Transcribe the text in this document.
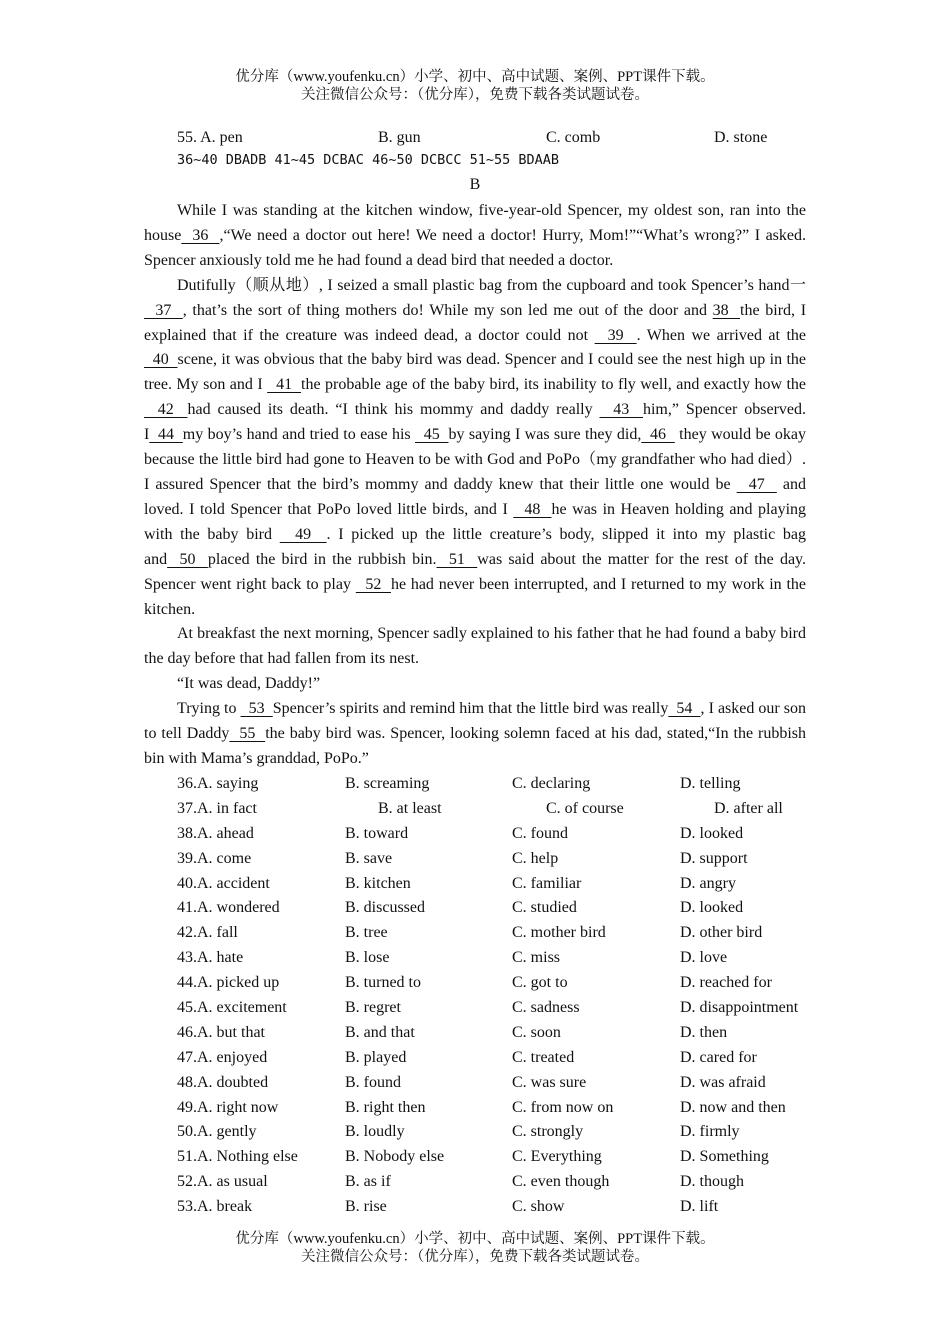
优分库（www.youfenku.cn）小学、初中、高中试题、案例、PPT课件下载。
关注微信公众号：（优分库），免费下载各类试题试卷。
55. A. pen	B. gun	C. comb	D. stone
36~40 DBADB 41~45 DCBAC 46~50 DCBCC 51~55 BDAAB
B

While I was standing at the kitchen window, five-year-old Spencer, my oldest son, ran into the house  36  ,“We need a doctor out here! We need a doctor! Hurry, Mom!”“What’s wrong?” I asked. Spencer anxiously told me he had found a dead bird that needed a doctor.

Dutifully（顺从地）, I seized a small plastic bag from the cupboard and took Spencer’s hand一   37  , that’s the sort of thing mothers do! While my son led me out of the door and 38  the bird, I explained that if the creature was indeed dead, a doctor could not   39  . When we arrived at the   40  scene, it was obvious that the baby bird was dead. Spencer and I could see the nest high up in the tree. My son and I   41  the probable age of the baby bird, its inability to fly well, and exactly how the   42  had caused its death. “I think his mommy and daddy really   43  him,” Spencer observed. I  44  my boy’s hand and tried to ease his   45  by saying I was sure they did,  46   they would be okay because the little bird had gone to Heaven to be with God and PoPo（my grandfather who had died）. I assured Spencer that the bird’s mommy and daddy knew that their little one would be   47   and loved. I told Spencer that PoPo loved little birds, and I   48  he was in Heaven holding and playing with the baby bird   49  . I picked up the little creature’s body, slipped it into my plastic bag and  50  placed the bird in the rubbish bin.  51  was said about the matter for the rest of the day. Spencer went right back to play   52  he had never been interrupted, and I returned to my work in the kitchen.

At breakfast the next morning, Spencer sadly explained to his father that he had found a baby bird the day before that had fallen from its nest.

“It was dead, Daddy!”

Trying to   53  Spencer’s spirits and remind him that the little bird was really  54  , I asked our son to tell Daddy  55  the baby bird was. Spencer, looking solemn faced at his dad, stated,“In the rubbish bin with Mama’s granddad, PoPo.”

36.A. saying	B. screaming	C. declaring	D. telling
37.A. in fact	B. at least	C. of course	D. after all
38.A. ahead	B. toward	C. found	D. looked
39.A. come	B. save	C. help	D. support
40.A. accident	B. kitchen	C. familiar	D. angry
41.A. wondered	B. discussed	C. studied	D. looked
42.A. fall	B. tree	C. mother bird	D. other bird
43.A. hate	B. lose	C. miss	D. love
44.A. picked up	B. turned to	C. got to	D. reached for
45.A. excitement	B. regret	C. sadness	D. disappointment
46.A. but that	B. and that	C. soon	D. then
47.A. enjoyed	B. played	C. treated	D. cared for
48.A. doubted	B. found	C. was sure	D. was afraid
49.A. right now	B. right then	C. from now on	D. now and then
50.A. gently	B. loudly	C. strongly	D. firmly
51.A. Nothing else	B. Nobody else	C. Everything	D. Something
52.A. as usual	B. as if	C. even though	D. though
53.A. break	B. rise	C. show	D. lift
优分库（www.youfenku.cn）小学、初中、高中试题、案例、PPT课件下载。
关注微信公众号：（优分库），免费下载各类试题试卷。
